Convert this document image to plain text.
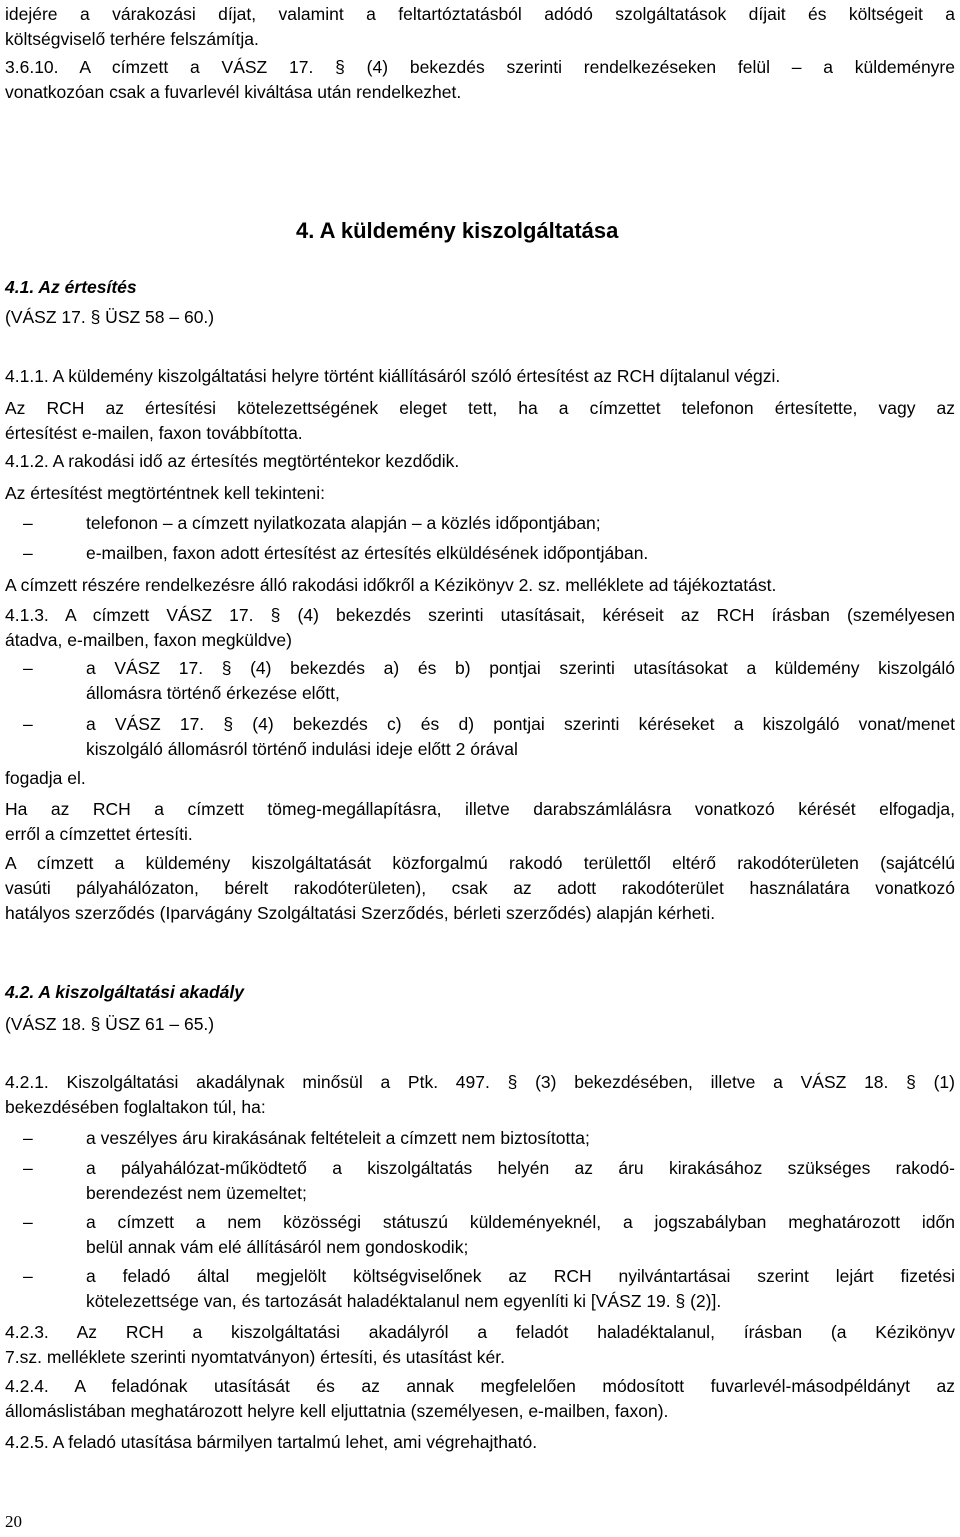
idejére a várakozási díjat, valamint a feltartóztatásból adódó szolgáltatások díjait és költségeit a
költségviselő terhére felszámítja.
3.6.10. A címzett a VÁSZ 17. § (4) bekezdés szerinti rendelkezéseken felül – a küldeményre
vonatkozóan csak a fuvarlevél kiváltása után rendelkezhet.
4. A küldemény kiszolgáltatása
4.1. Az értesítés
(VÁSZ 17. § ÜSZ 58 – 60.)
4.1.1. A küldemény kiszolgáltatási helyre történt kiállításáról szóló értesítést az RCH díjtalanul végzi.
Az RCH az értesítési kötelezettségének eleget tett, ha a címzettet telefonon értesítette, vagy az
értesítést e-mailen, faxon továbbította.
4.1.2. A rakodási idő az értesítés megtörténtekor kezdődik.
Az értesítést megtörténtnek kell tekinteni:
–	telefonon – a címzett nyilatkozata alapján – a közlés időpontjában;
–	e-mailben, faxon adott értesítést az értesítés elküldésének időpontjában.
A címzett részére rendelkezésre álló rakodási időkről a Kézikönyv 2. sz. melléklete ad tájékoztatást.
4.1.3. A címzett VÁSZ 17. § (4) bekezdés szerinti utasításait, kéréseit az RCH írásban (személyesen
átadva, e-mailben, faxon megküldve)
–	a VÁSZ 17. § (4) bekezdés a) és b) pontjai szerinti utasításokat a küldemény kiszolgáló
állomásra történő érkezése előtt,
–	a VÁSZ 17. § (4) bekezdés c) és d) pontjai szerinti kéréseket a kiszolgáló vonat/menet
kiszolgáló állomásról történő indulási ideje előtt 2 órával
fogadja el.
Ha az RCH a címzett tömeg-megállapításra, illetve darabszámlálásra vonatkozó kérését elfogadja,
erről a címzettet értesíti.
A címzett a küldemény kiszolgáltatását közforgalmú rakodó területtől eltérő rakodóterületen (sajátcélú
vasúti pályahálózaton, bérelt rakodóterületen), csak az adott rakodóterület használatára vonatkozó
hatályos szerződés (Iparvágány Szolgáltatási Szerződés, bérleti szerződés) alapján kérheti.
4.2. A kiszolgáltatási akadály
(VÁSZ 18. § ÜSZ 61 – 65.)
4.2.1. Kiszolgáltatási akadálynak minősül a Ptk. 497. § (3) bekezdésében, illetve a VÁSZ 18. § (1)
bekezdésében foglaltakon túl, ha:
–	a veszélyes áru kirakásának feltételeit a címzett nem biztosította;
–	a pályahálózat-működtető a kiszolgáltatás helyén az áru kirakásához szükséges rakodó-
berendezést nem üzemeltet;
–	a címzett a nem közösségi státuszú küldeményeknél, a jogszabályban meghatározott időn
belül annak vám elé állításáról nem gondoskodik;
–	a feladó által megjelölt költségviselőnek az RCH nyilvántartásai szerint lejárt fizetési
kötelezettsége van, és tartozását haladéktalanul nem egyenlíti ki [VÁSZ 19. § (2)].
4.2.3. Az RCH a kiszolgáltatási akadályról a feladót haladéktalanul, írásban (a Kézikönyv
7.sz. melléklete szerinti nyomtatványon) értesíti, és utasítást kér.
4.2.4. A feladónak utasítását és az annak megfelelően módosított fuvarlevél-másodpéldányt az
állomáslistában meghatározott helyre kell eljuttatnia (személyesen, e-mailben, faxon).
4.2.5. A feladó utasítása bármilyen tartalmú lehet, ami végrehajtható.
20
